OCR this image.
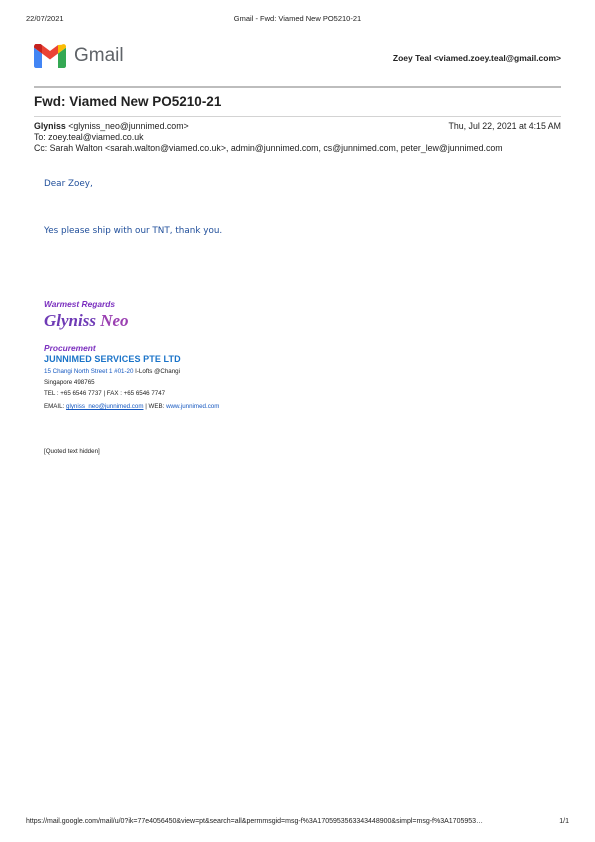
22/07/2021	Gmail - Fwd: Viamed New PO5210-21
Gmail	Zoey Teal <viamed.zoey.teal@gmail.com>
Fwd: Viamed New PO5210-21
Glyniss <glyniss_neo@junnimed.com>	Thu, Jul 22, 2021 at 4:15 AM
To: zoey.teal@viamed.co.uk
Cc: Sarah Walton <sarah.walton@viamed.co.uk>, admin@junnimed.com, cs@junnimed.com, peter_lew@junnimed.com
Dear Zoey,
Yes please ship with our TNT, thank you.
Warmest Regards
Glyniss Neo
Procurement
JUNNIMED SERVICES PTE LTD
15 Changi North Street 1 #01-20 I-Lofts @Changi
Singapore 498765
TEL : +65 6546 7737 | FAX : +65 6546 7747
EMAIL: glyniss_neo@junnimed.com | WEB: www.junnimed.com
[Quoted text hidden]
https://mail.google.com/mail/u/0?ik=77e4056450&view=pt&search=all&permmsgid=msg-f%3A1705953563343448900&simpl=msg-f%3A1705953…	1/1
